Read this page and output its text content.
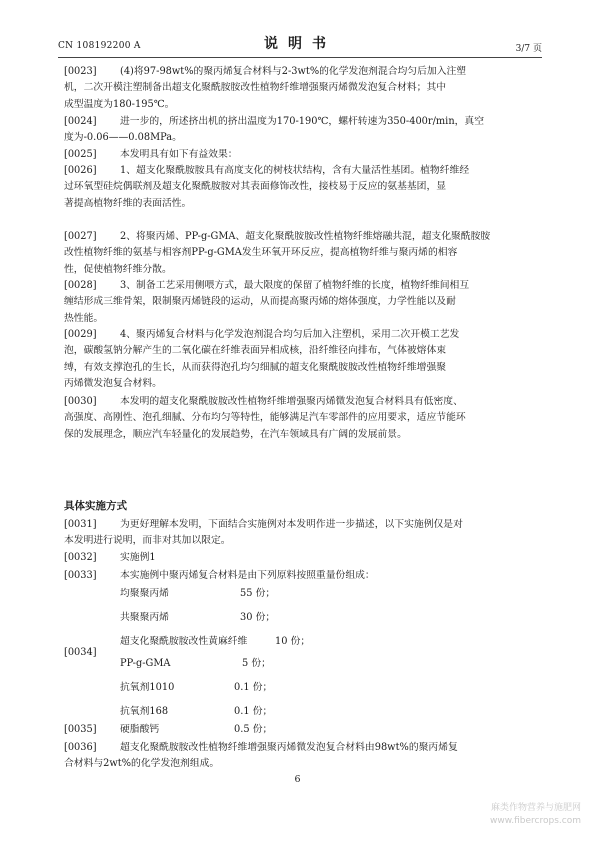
CN 108192200 A	说明书	3/7 页
[0023]	(4)将97-98wt%的聚丙烯复合材料与2-3wt%的化学发泡剂混合均匀后加入注塑
机，二次开模注塑制备出超支化聚酰胺胺改性植物纤维增强聚丙烯微发泡复合材料；其中
成型温度为180-195℃。
[0024]	进一步的，所述挤出机的挤出温度为170-190℃，螺杆转速为350-400r/min，真空
度为-0.06——0.08MPa。
[0025]	本发明具有如下有益效果：
[0026]	1、超支化聚酰胺胺具有高度支化的树枝状结构，含有大量活性基团。植物纤维经
过环氧型硅烷偶联剂及超支化聚酰胺胺对其表面修饰改性，接枝易于反应的氨基基团，显
著提高植物纤维的表面活性。
[0027]	2、将聚丙烯、PP-g-GMA、超支化聚酰胺胺改性植物纤维熔融共混，超支化聚酰胺胺
改性植物纤维的氨基与相容剂PP-g-GMA发生环氧开环反应，提高植物纤维与聚丙烯的相容
性，促使植物纤维分散。
[0028]	3、制备工艺采用侧喂方式，最大限度的保留了植物纤维的长度，植物纤维间相互
缠结形成三维骨架，限制聚丙烯链段的运动，从而提高聚丙烯的熔体强度，力学性能以及耐
热性能。
[0029]	4、聚丙烯复合材料与化学发泡剂混合均匀后加入注塑机，采用二次开模工艺发
泡，碳酸氢钠分解产生的二氧化碳在纤维表面异相成核，沿纤维径向排布，气体被熔体束
缚，有效支撑泡孔的生长，从而获得泡孔均匀细腻的超支化聚酰胺胺改性植物纤维增强聚
丙烯微发泡复合材料。
[0030]	本发明的超支化聚酰胺胺改性植物纤维增强聚丙烯微发泡复合材料具有低密度、
高强度、高刚性、泡孔细腻、分布均匀等特性，能够满足汽车零部件的应用要求，适应节能环
保的发展理念，顺应汽车轻量化的发展趋势，在汽车领域具有广阔的发展前景。
具体实施方式
[0031]	为更好理解本发明，下面结合实施例对本发明作进一步描述，以下实施例仅是对
本发明进行说明，而非对其加以限定。
[0032]	实施例1
[0033]	本实施例中聚丙烯复合材料是由下列原料按照重量份组成：
均聚聚丙烯	55 份；
共聚聚丙烯	30 份；
超支化聚酰胺胺改性黄麻纤维	10 份；
[0034]
PP-g-GMA	5 份；
抗氧剂1010	0.1 份；
抗氧剂168	0.1 份；
[0035] 硬脂酸钙	0.5 份；
[0036]	超支化聚酰胺胺改性植物纤维增强聚丙烯微发泡复合材料由98wt%的聚丙烯复
合材料与2wt%的化学发泡剂组成。
6
麻类作物营养与施肥网
www.fibercrops.com
